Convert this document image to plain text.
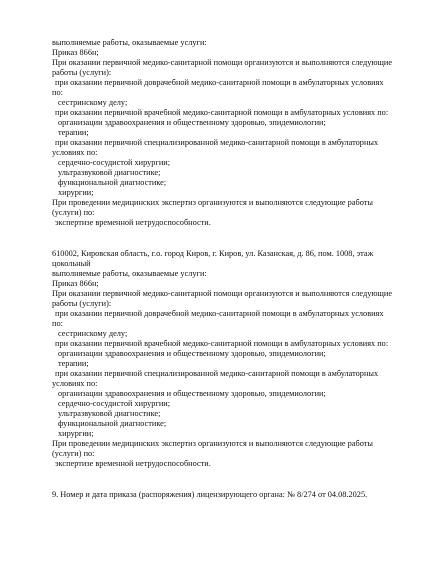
выполняемые работы, оказываемые услуги:
Приказ 866н;
При оказании первичной медико-санитарной помощи организуются и выполняются следующие
работы (услуги):
при оказании первичной доврачебной медико-санитарной помощи в амбулаторных условиях
по:
сестринскому делу;
при оказании первичной врачебной медико-санитарной помощи в амбулаторных условиях по:
организации здравоохранения и общественному здоровью, эпидемиологии;
терапии;
при оказании первичной специализированной медико-санитарной помощи в амбулаторных
условиях по:
сердечно-сосудистой хирургии;
ультразвуковой диагностике;
функциональной диагностике;
хирургии;
При проведении медицинских экспертиз организуются и выполняются следующие работы
(услуги) по:
экспертизе временной нетрудоспособности.
610002, Кировская область, г.о. город Киров, г. Киров, ул. Казанская, д. 86, пом. 1008, этаж
цокольный
выполняемые работы, оказываемые услуги:
Приказ 866н;
При оказании первичной медико-санитарной помощи организуются и выполняются следующие
работы (услуги):
при оказании первичной доврачебной медико-санитарной помощи в амбулаторных условиях
по:
сестринскому делу;
при оказании первичной врачебной медико-санитарной помощи в амбулаторных условиях по:
организации здравоохранения и общественному здоровью, эпидемиологии;
терапии;
при оказании первичной специализированной медико-санитарной помощи в амбулаторных
условиях по:
организации здравоохранения и общественному здоровью, эпидемиологии;
сердечно-сосудистой хирургии;
ультразвуковой диагностике;
функциональной диагностике;
хирургии;
При проведении медицинских экспертиз организуются и выполняются следующие работы
(услуги) по:
экспертизе временной нетрудоспособности.
9. Номер и дата приказа (распоряжения) лицензирующего органа: № 8/274 от 04.08.2025.
